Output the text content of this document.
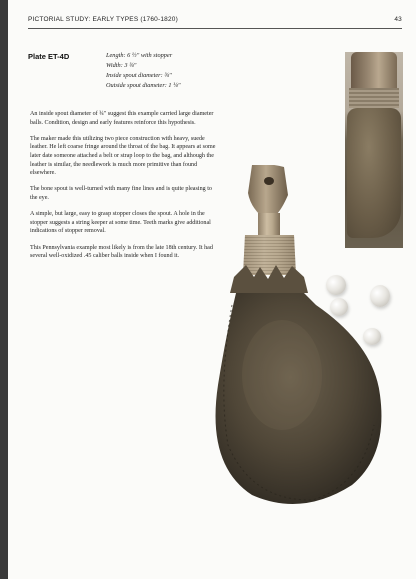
PICTORIAL STUDY: EARLY TYPES (1760-1820)	43
Plate ET-4D	Length: 6 ½" with stopper
Width: 3 ¾"
Inside spout diameter: ¾"
Outside spout diameter: 1 ¼"

An inside spout diameter of ¾" suggest this example carried large diameter balls. Condition, design and early features reinforce this hypothesis.

The maker made this utilizing two piece construction with heavy, suede leather. He left coarse fringe around the throat of the bag. It appears at some later date someone attached a belt or strap loop to the bag, and although the leather is similar, the needlework is much more primitive than found elsewhere.

The bone spout is well-turned with many fine lines and is quite pleasing to the eye.

A simple, but large, easy to grasp stopper closes the spout. A hole in the stopper suggests a string keeper at some time. Teeth marks give additional indications of stopper removal.

This Pennsylvania example most likely is from the late 18th century. It had several well-oxidized .45 caliber balls inside when I found it.
